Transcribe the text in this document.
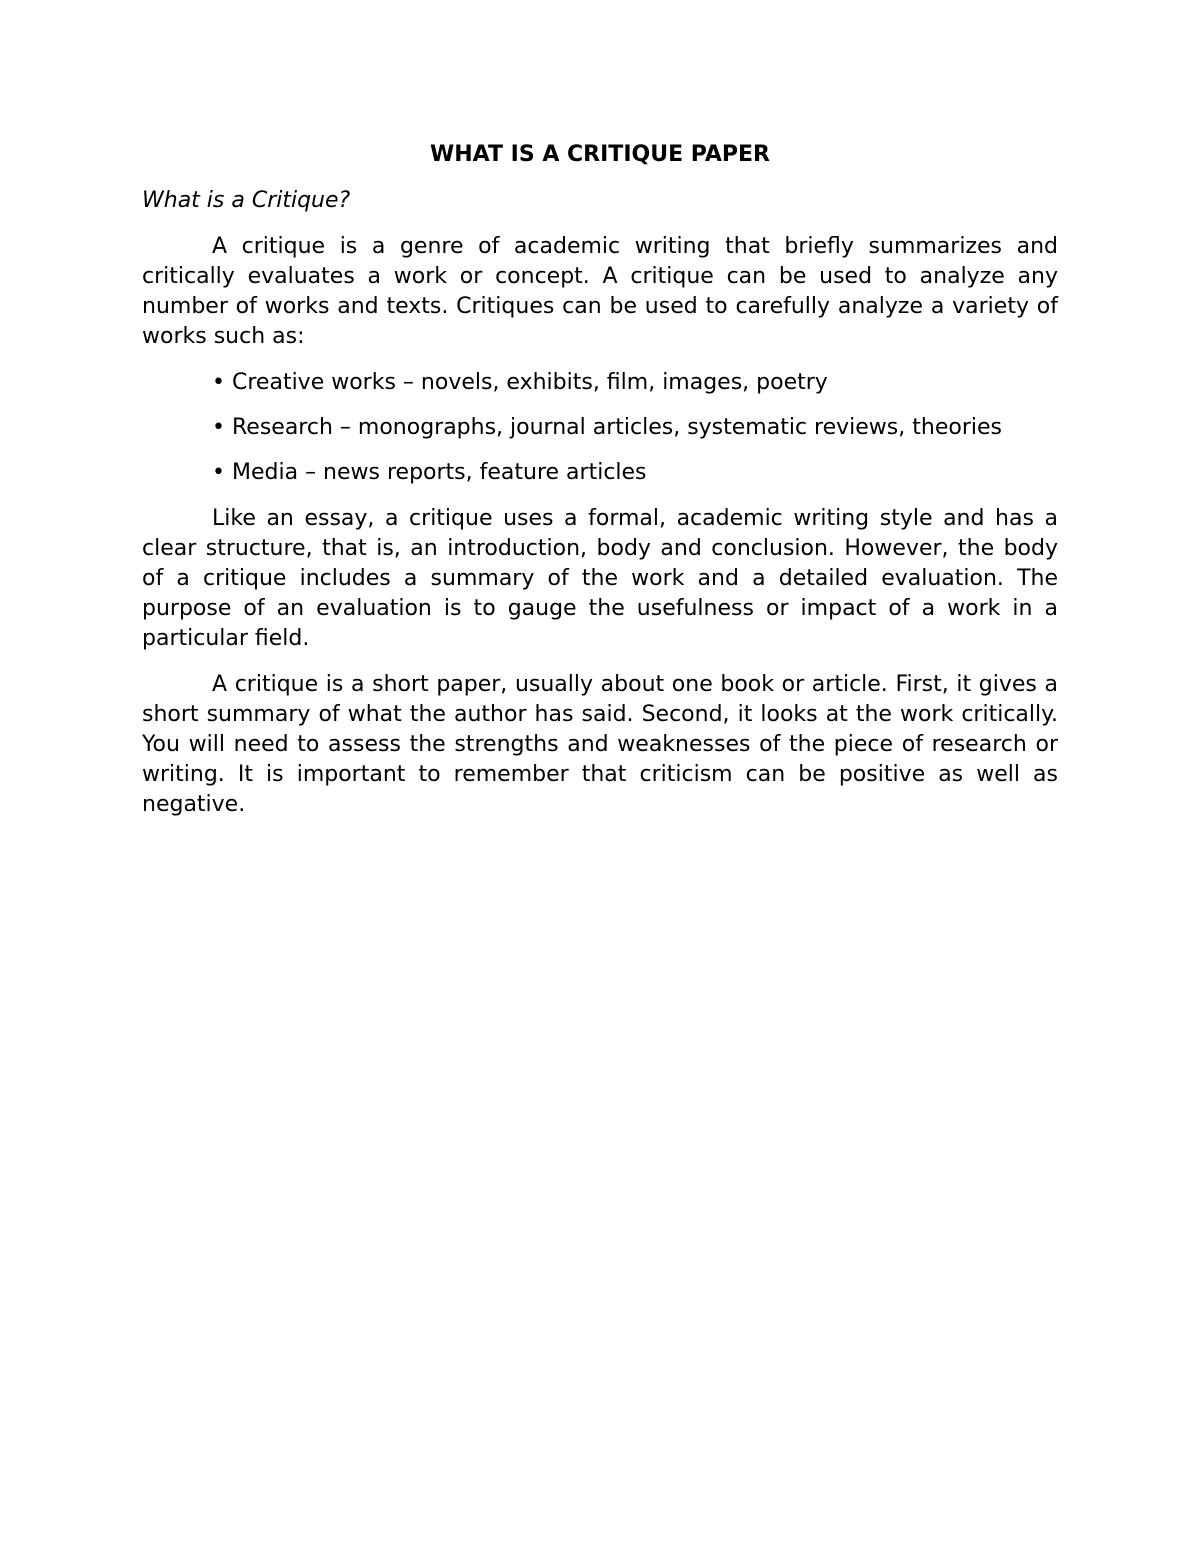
WHAT IS A CRITIQUE PAPER

What is a Critique?

A critique is a genre of academic writing that briefly summarizes and critically evaluates a work or concept. A critique can be used to analyze any number of works and texts. Critiques can be used to carefully analyze a variety of works such as:

• Creative works – novels, exhibits, film, images, poetry
• Research – monographs, journal articles, systematic reviews, theories
• Media – news reports, feature articles

Like an essay, a critique uses a formal, academic writing style and has a clear structure, that is, an introduction, body and conclusion. However, the body of a critique includes a summary of the work and a detailed evaluation. The purpose of an evaluation is to gauge the usefulness or impact of a work in a particular field.

A critique is a short paper, usually about one book or article. First, it gives a short summary of what the author has said. Second, it looks at the work critically. You will need to assess the strengths and weaknesses of the piece of research or writing. It is important to remember that criticism can be positive as well as negative.
